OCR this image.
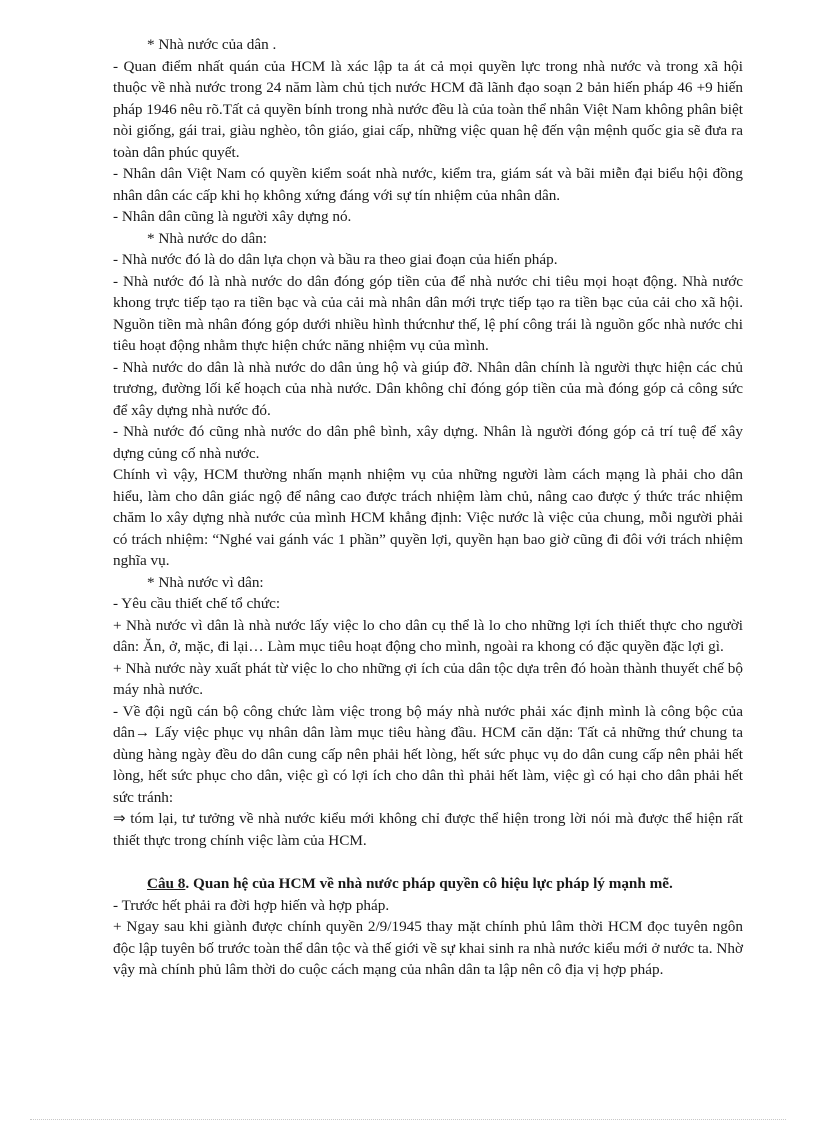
* Nhà nước của dân .

- Quan điểm nhất quán của HCM là xác lập ta át cả mọi quyền lực trong nhà nước và trong xã hội thuộc về nhà nước trong 24 năm làm chủ tịch nước HCM đã lãnh đạo soạn 2 bản hiến pháp 46 +9 hiến pháp 1946 nêu rõ.Tất cả quyền bính trong nhà nước đều là của toàn thể nhân Việt Nam không phân biệt nòi giống, gái trai, giàu nghèo, tôn giáo, giai cấp, những việc quan hệ đến vận mệnh quốc gia sẽ đưa ra toàn dân phúc quyết.

- Nhân dân Việt Nam có quyền kiểm soát nhà nước, kiểm tra, giám sát và bãi miễn đại biểu hội đồng nhân dân các cấp khi họ không xứng đáng với sự tín nhiệm của nhân dân.

- Nhân dân cũng là người xây dựng nó.

* Nhà nước do dân:

- Nhà nước đó là do dân lựa chọn và bầu ra theo giai đoạn của hiến pháp.

- Nhà nước đó là nhà nước do dân đóng góp tiền của để nhà nước chi tiêu mọi hoạt động. Nhà nước khong trực tiếp tạo ra tiền bạc và của cải mà nhân dân mới trực tiếp tạo ra tiền bạc của cải cho xã hội. Nguồn tiền mà nhân đóng góp dưới nhiều hình thứcnhư thế, lệ phí công trái là nguồn gốc nhà nước chi tiêu hoạt động nhằm thực hiện chức năng nhiệm vụ của mình.

- Nhà nước do dân là nhà nước do dân ủng hộ và giúp đỡ. Nhân dân chính là người thực hiện các chủ trương, đường lối kế hoạch của nhà nước. Dân không chỉ đóng góp tiền của mà đóng góp cả công sức để xây dựng nhà nước đó.

- Nhà nước đó cũng nhà nước do dân phê bình, xây dựng. Nhân là người đóng góp cả trí tuệ để xây dựng củng cố nhà nước.

Chính vì vậy, HCM thường nhấn mạnh nhiệm vụ của những người làm cách mạng là phải cho dân hiểu, làm cho dân giác ngộ để nâng cao được trách nhiệm làm chủ, nâng cao được ý thức trác nhiệm chăm lo xây dựng nhà nước của mình HCM khẳng định: Việc nước là việc của chung, mỗi người phải có trách nhiệm: “Nghé vai gánh vác 1 phần” quyền lợi, quyền hạn bao giờ cũng đi đôi với trách nhiệm nghĩa vụ.

* Nhà nước vì dân:

- Yêu cầu thiết chế tổ chức:

+ Nhà nước vì dân là nhà nước lấy việc lo cho dân cụ thể là lo cho những lợi ích thiết thực cho người dân: Ăn, ở, mặc, đi lại… Làm mục tiêu hoạt động cho mình, ngoài ra khong có đặc quyền đặc lợi gì.

+ Nhà nước này xuất phát từ việc lo cho những ợi ích của dân tộc dựa trên đó hoàn thành thuyết chế bộ máy nhà nước.

- Về đội ngũ cán bộ công chức làm việc trong bộ máy nhà nước phải xác định mình là công bộc của dân→ Lấy việc phục vụ nhân dân làm mục tiêu hàng đầu. HCM căn dặn: Tất cả những thứ chung ta dùng hàng ngày đều do dân cung cấp nên phải hết lòng, hết sức phục vụ do dân cung cấp nên phải hết lòng, hết sức phục cho dân, việc gì có lợi ích cho dân thì phải hết làm, việc gì có hại cho dân phải hết sức tránh:

⇒ tóm lại, tư tưởng về nhà nước kiểu mới không chỉ được thể hiện trong lời nói mà được thể hiện rất thiết thực trong chính việc làm của HCM.

Câu 8. Quan hệ của HCM về nhà nước pháp quyền cô hiệu lực pháp lý mạnh mẽ.

- Trước hết phải ra đời hợp hiến và hợp pháp.

+ Ngay sau khi giành được chính quyền 2/9/1945 thay mặt chính phủ lâm thời HCM đọc tuyên ngôn độc lập tuyên bố trước toàn thể dân tộc và thế giới về sự khai sinh ra nhà nước kiểu mới ở nước ta. Nhờ vậy mà chính phủ lâm thời do cuộc cách mạng của nhân dân ta lập nên cô địa vị hợp pháp.
